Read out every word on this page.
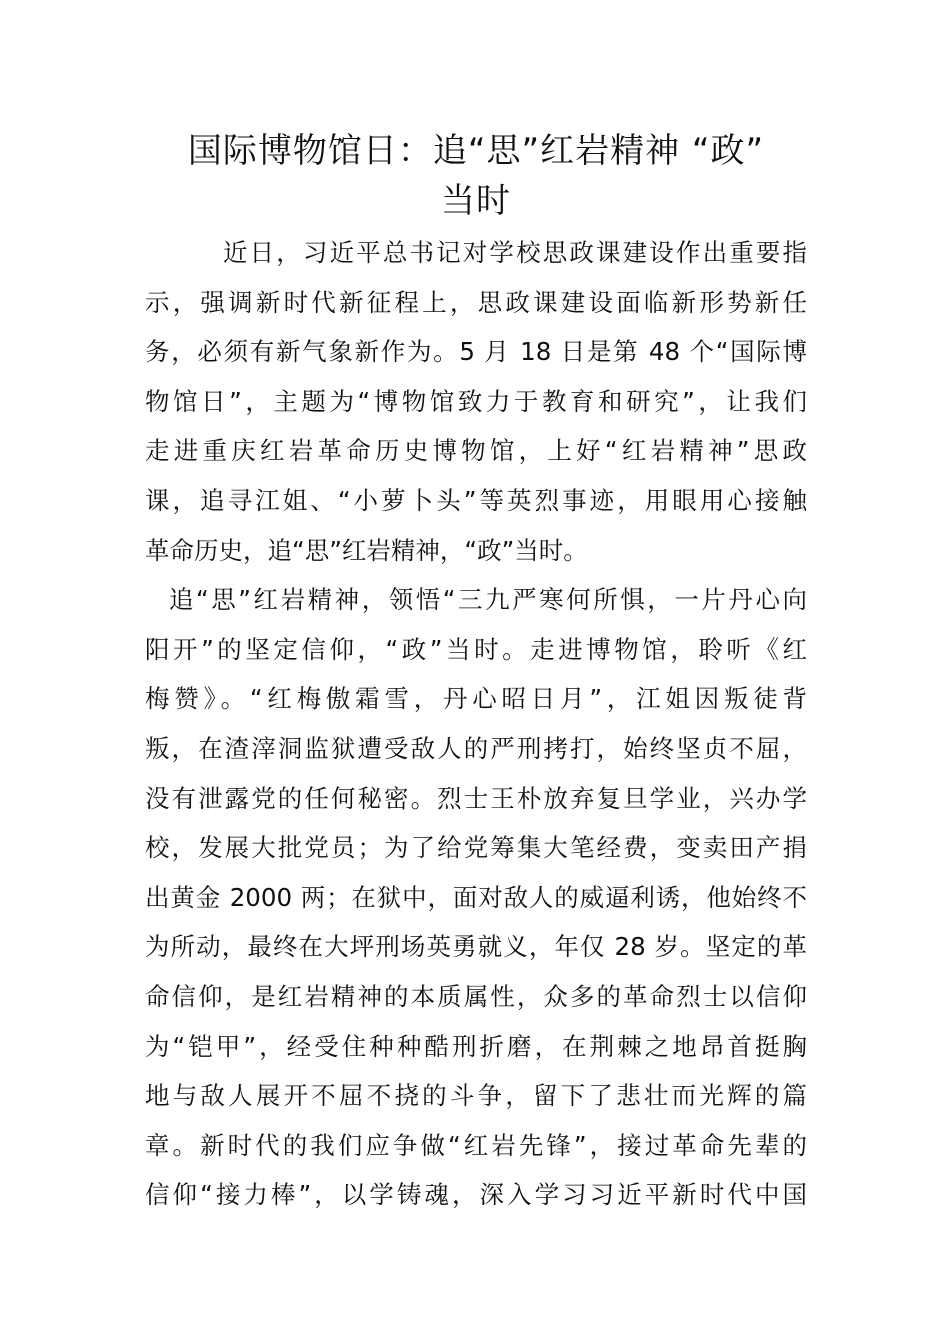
国际博物馆日：追“思”红岩精神 “政”
当时
近日，习近平总书记对学校思政课建设作出重要指
示，强调新时代新征程上，思政课建设面临新形势新任
务，必须有新气象新作为。5 月 18 日是第 48 个“国际博
物馆日”，主题为“博物馆致力于教育和研究”，让我们
走进重庆红岩革命历史博物馆，上好“红岩精神”思政
课，追寻江姐、“小萝卜头”等英烈事迹，用眼用心接触
革命历史，追“思”红岩精神，“政”当时。
追“思”红岩精神，领悟“三九严寒何所惧，一片丹心向
阳开”的坚定信仰，“政”当时。走进博物馆，聆听《红
梅赞》。“红梅傲霜雪，丹心昭日月”，江姐因叛徒背
叛，在渣滓洞监狱遭受敌人的严刑拷打，始终坚贞不屈，
没有泄露党的任何秘密。烈士王朴放弃复旦学业，兴办学
校，发展大批党员；为了给党筹集大笔经费，变卖田产捐
出黄金 2000 两；在狱中，面对敌人的威逼利诱，他始终不
为所动，最终在大坪刑场英勇就义，年仅 28 岁。坚定的革
命信仰，是红岩精神的本质属性，众多的革命烈士以信仰
为“铠甲”，经受住种种酷刑折磨，在荆棘之地昂首挺胸
地与敌人展开不屈不挠的斗争，留下了悲壮而光辉的篇
章。新时代的我们应争做“红岩先锋”，接过革命先辈的
信仰“接力棒”，以学铸魂，深入学习习近平新时代中国
